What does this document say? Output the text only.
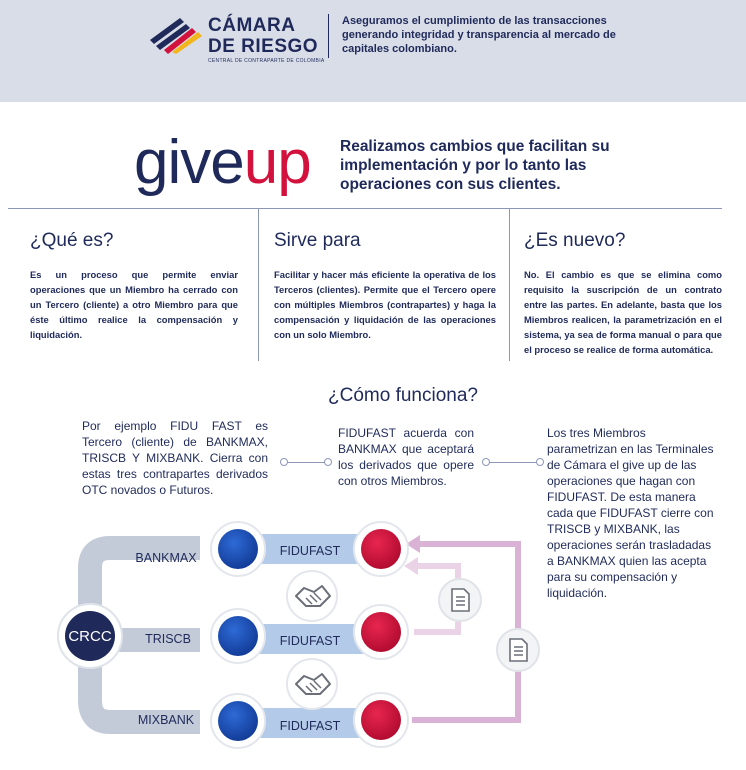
CÁMARA
DE RIESGO
CENTRAL DE CONTRAPARTE DE COLOMBIA
Aseguramos el cumplimiento de las transacciones generando integridad y transparencia al mercado de capitales colombiano.
giveup Realizamos cambios que facilitan su implementación y por lo tanto las operaciones con sus clientes.
¿Qué es?
Es un proceso que permite enviar operaciones que un Miembro ha cerrado con un Tercero (cliente) a otro Miembro para que éste último realice la compensación y liquidación.
Sirve para
Facilitar y hacer más eficiente la operativa de los Terceros (clientes). Permite que el Tercero opere con múltiples Miembros (contrapartes) y haga la compensación y liquidación de las operaciones con un solo Miembro.
¿Es nuevo?
No. El cambio es que se elimina como requisito la suscripción de un contrato entre las partes. En adelante, basta que los Miembros realicen, la parametrización en el sistema, ya sea de forma manual o para que el proceso se realice de forma automática.
¿Cómo funciona?
Por ejemplo FIDU FAST es Tercero (cliente) de BANKMAX, TRISCB Y MIXBANK. Cierra con estas tres contrapartes derivados OTC novados o Futuros.
FIDUFAST acuerda con BANKMAX que aceptará los derivados que opere con otros Miembros.
Los tres Miembros parametrizan en las Terminales de Cámara el give up de las operaciones que hagan con FIDUFAST. De esta manera cada que FIDUFAST cierre con TRISCB y MIXBANK, las operaciones serán trasladadas a BANKMAX quien las acepta para su compensación y liquidación.
CRCC
BANKMAX
TRISCB
MIXBANK
FIDUFAST
FIDUFAST
FIDUFAST
